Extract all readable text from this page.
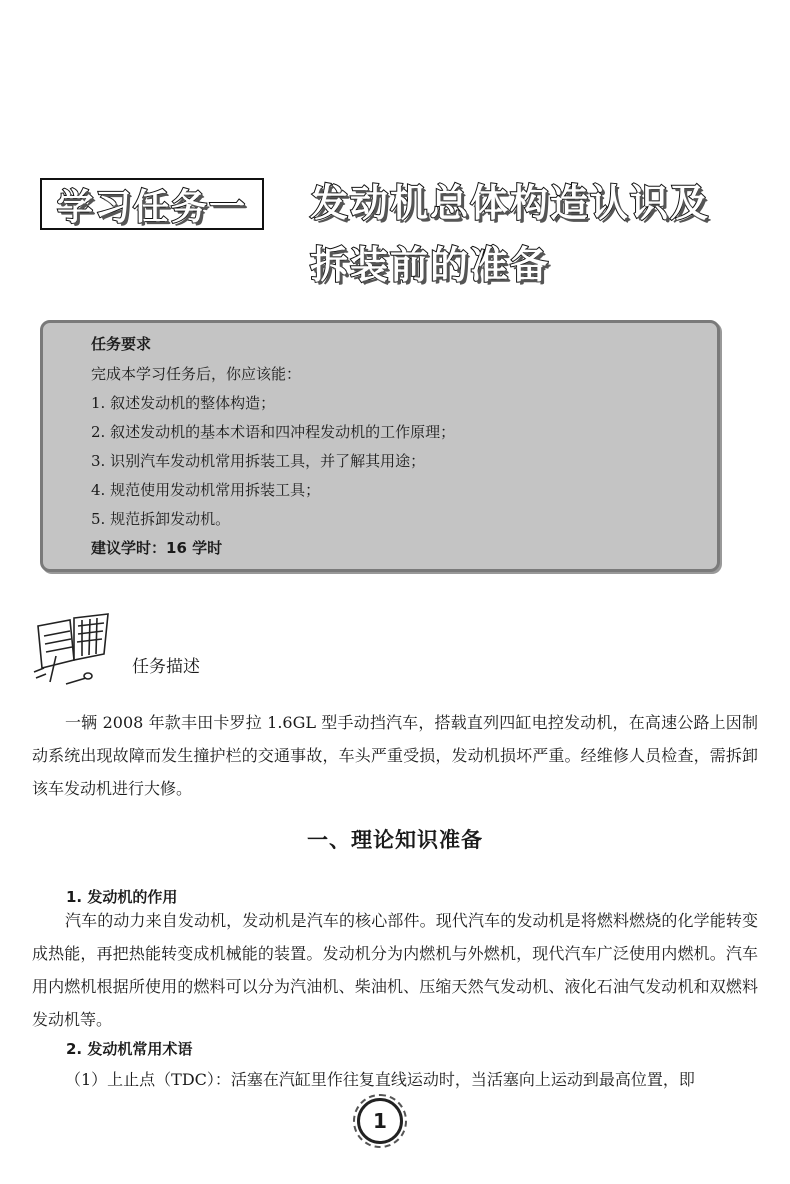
学习任务一 发动机总体构造认识及
拆装前的准备
任务要求
完成本学习任务后，你应该能：
1. 叙述发动机的整体构造；
2. 叙述发动机的基本术语和四冲程发动机的工作原理；
3. 识别汽车发动机常用拆装工具，并了解其用途；
4. 规范使用发动机常用拆装工具；
5. 规范拆卸发动机。
建议学时：16 学时
任务描述
一辆 2008 年款丰田卡罗拉 1.6GL 型手动挡汽车，搭载直列四缸电控发动机，在高速公路上因制动系统出现故障而发生撞护栏的交通事故，车头严重受损，发动机损坏严重。经维修人员检查，需拆卸该车发动机进行大修。
一、理论知识准备
1. 发动机的作用
汽车的动力来自发动机，发动机是汽车的核心部件。现代汽车的发动机是将燃料燃烧的化学能转变成热能，再把热能转变成机械能的装置。发动机分为内燃机与外燃机，现代汽车广泛使用内燃机。汽车用内燃机根据所使用的燃料可以分为汽油机、柴油机、压缩天然气发动机、液化石油气发动机和双燃料发动机等。
2. 发动机常用术语
（1）上止点（TDC）：活塞在汽缸里作往复直线运动时，当活塞向上运动到最高位置，即
1
